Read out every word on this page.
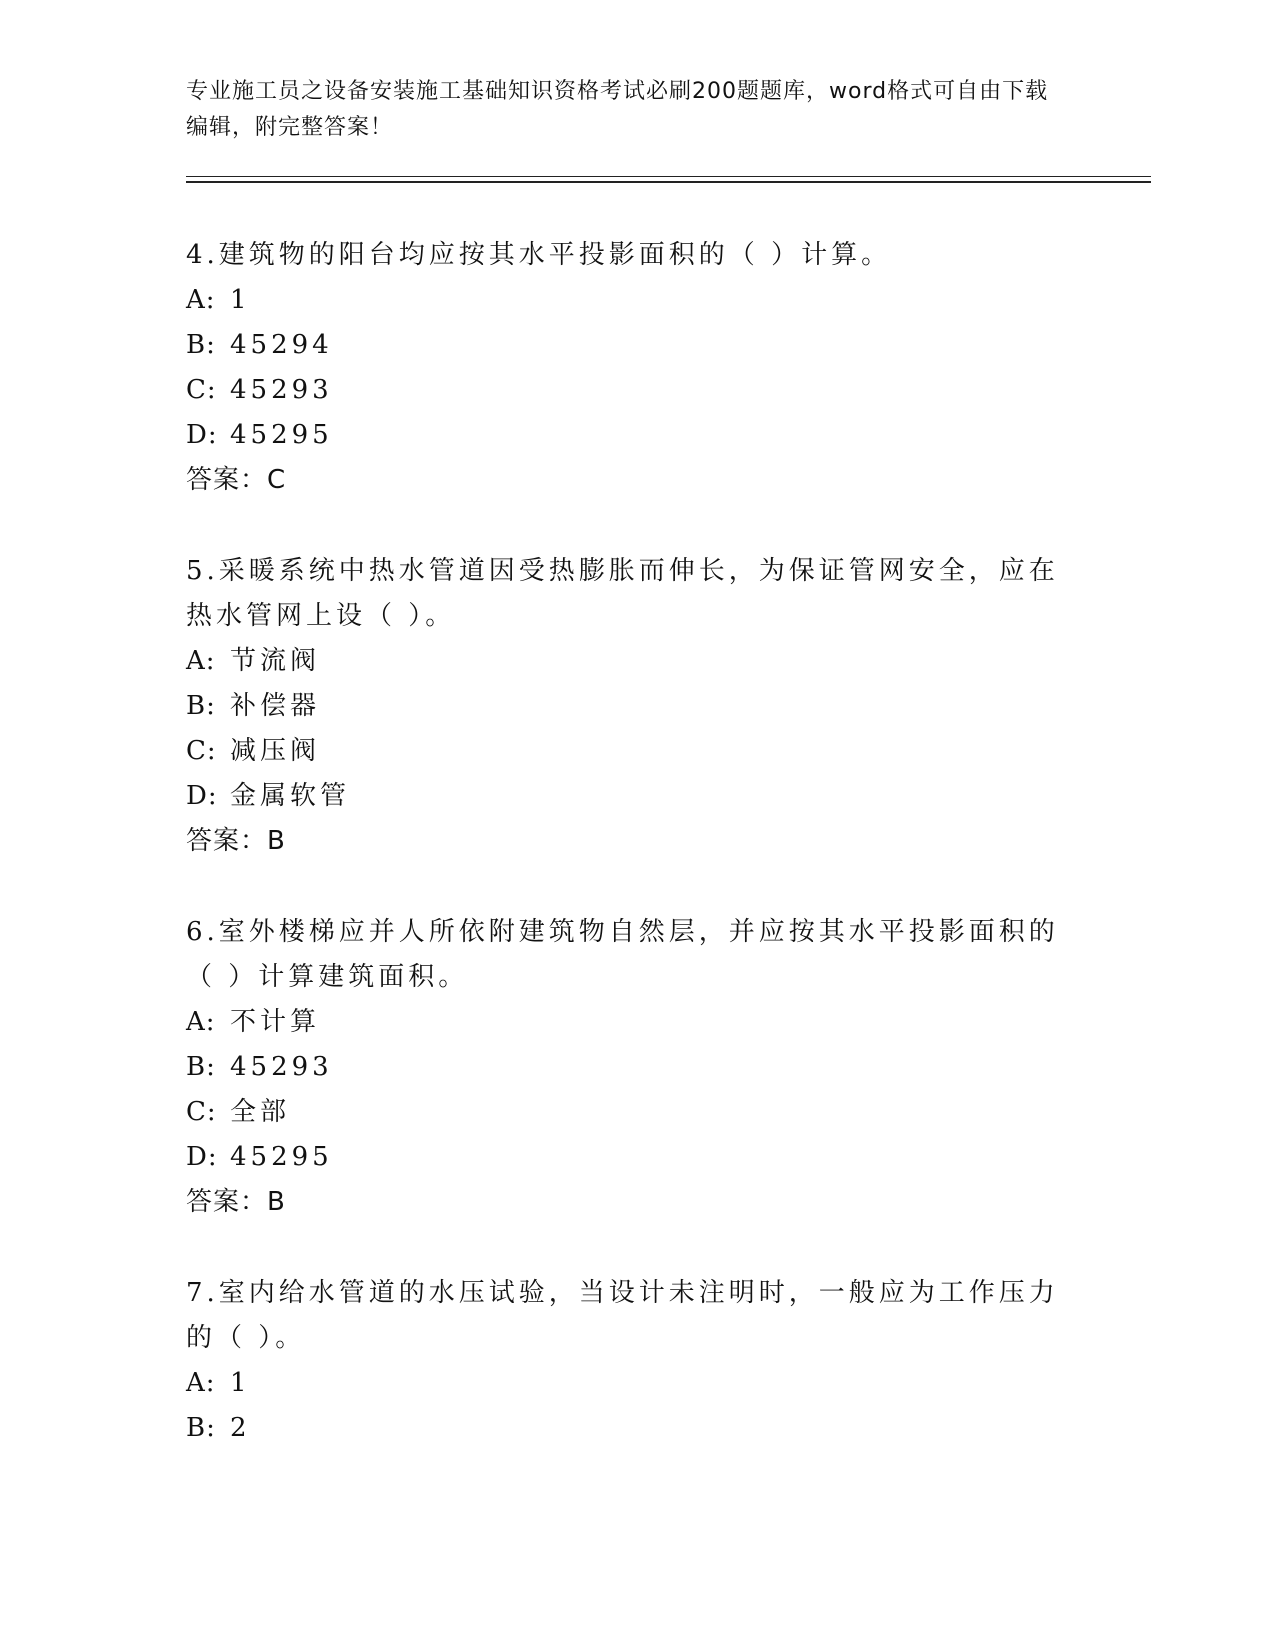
专业施工员之设备安装施工基础知识资格考试必刷200题题库，word格式可自由下载编辑，附完整答案！

4.建筑物的阳台均应按其水平投影面积的（ ）计算。

A: 1

B: 45294

C: 45293

D: 45295

答案：C

5.采暖系统中热水管道因受热膨胀而伸长，为保证管网安全，应在热水管网上设（ ）。

A: 节流阀

B: 补偿器

C: 减压阀

D: 金属软管

答案：B

6.室外楼梯应并人所依附建筑物自然层，并应按其水平投影面积的（ ）计算建筑面积。

A: 不计算

B: 45293

C: 全部

D: 45295

答案：B

7.室内给水管道的水压试验，当设计未注明时，一般应为工作压力的（ ）。

A: 1

B: 2
